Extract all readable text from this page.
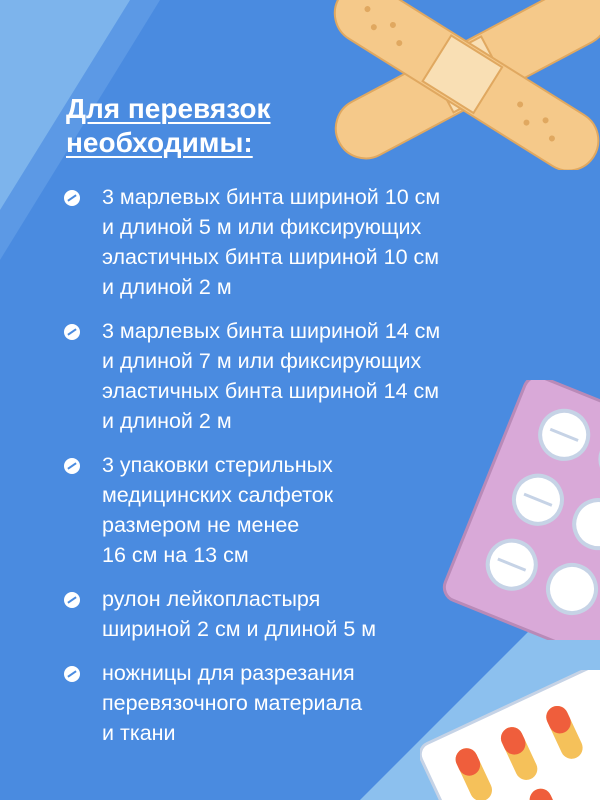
Для перевязок
необходимы:
3 марлевых бинта шириной 10 см
и длиной 5 м или фиксирующих
эластичных бинта шириной 10 см
и длиной 2 м
3 марлевых бинта шириной 14 см
и длиной 7 м или фиксирующих
эластичных бинта шириной 14 см
и длиной 2 м
3 упаковки стерильных
медицинских салфеток
размером не менее
16 см на 13 см
рулон лейкопластыря
шириной 2 см и длиной 5 м
ножницы для разрезания
перевязочного материала
и ткани
